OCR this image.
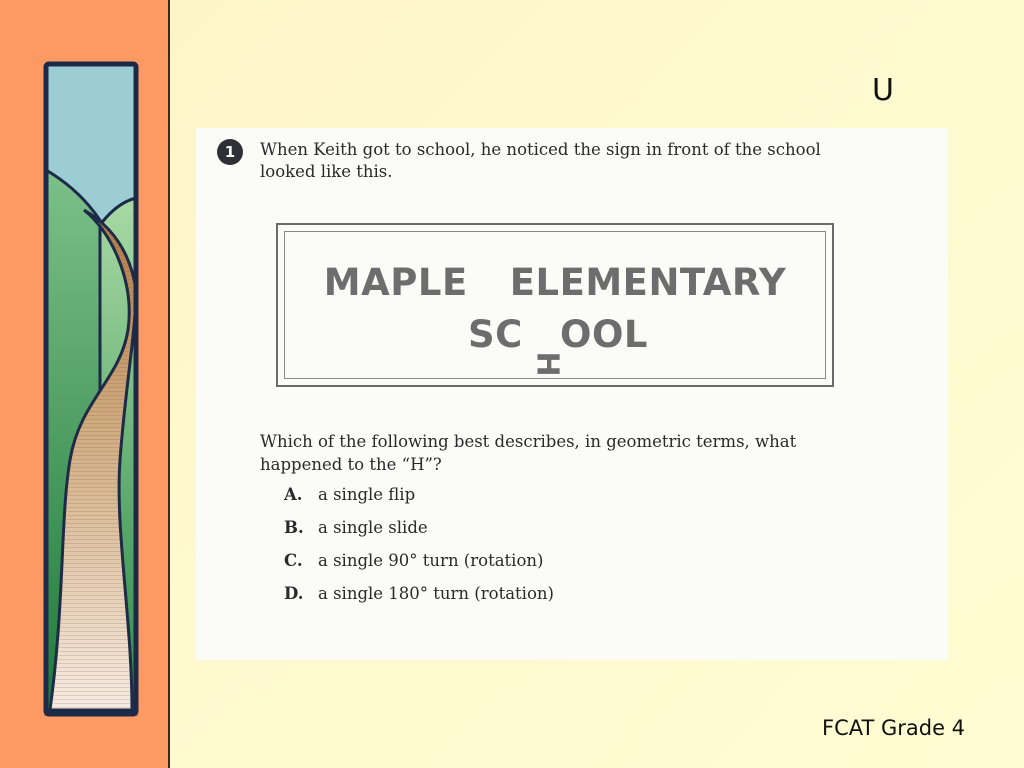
U
1	When Keith got to school, he noticed the sign in front of the school looked like this.
MAPLE ELEMENTARY
SC
H
OOL
Which of the following best describes, in geometric terms, what happened to the “H”?
A. a single flip
B. a single slide
C. a single 90° turn (rotation)
D. a single 180° turn (rotation)
FCAT Grade 4
